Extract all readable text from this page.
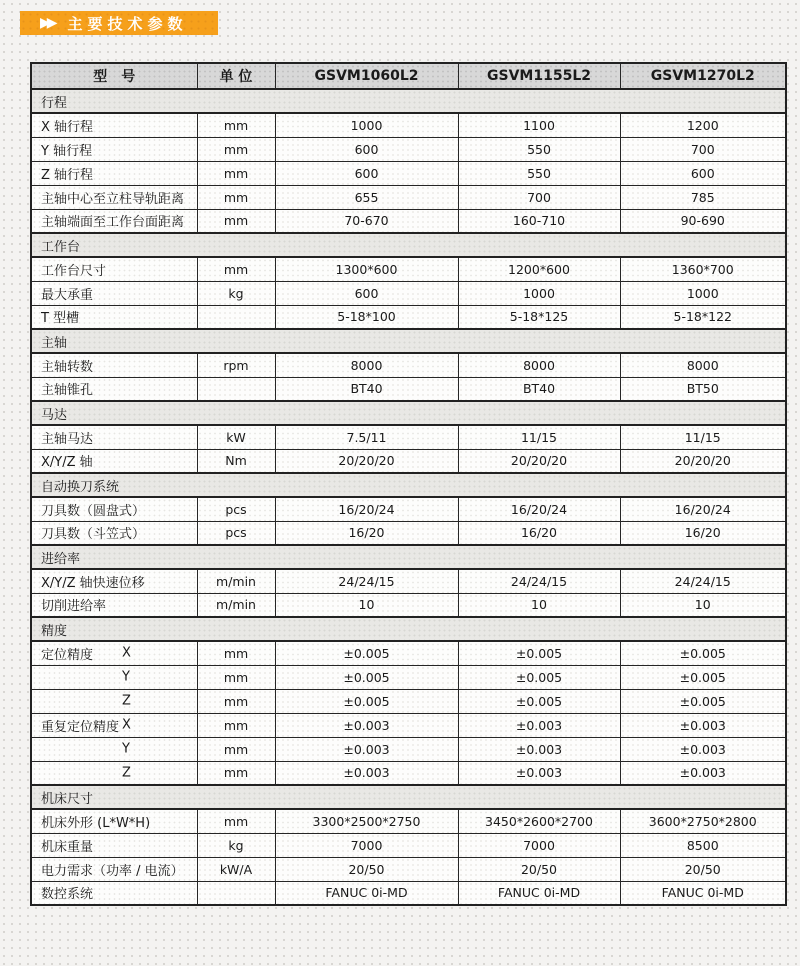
▶▶ 主要技术参数
型　号	单 位	GSVM1060L2	GSVM1155L2	GSVM1270L2
行程				
X 轴行程	mm	1000	1100	1200
Y 轴行程	mm	600	550	700
Z 轴行程	mm	600	550	600
主轴中心至立柱导轨距离	mm	655	700	785
主轴端面至工作台面距离	mm	70-670	160-710	90-690
工作台				
工作台尺寸	mm	1300*600	1200*600	1360*700
最大承重	kg	600	1000	1000
T 型槽		5-18*100	5-18*125	5-18*122
主轴				
主轴转数	rpm	8000	8000	8000
主轴锥孔		BT40	BT40	BT50
马达				
主轴马达	kW	7.5/11	11/15	11/15
X/Y/Z 轴	Nm	20/20/20	20/20/20	20/20/20
自动换刀系统				
刀具数（圆盘式）	pcs	16/20/24	16/20/24	16/20/24
刀具数（斗笠式）	pcs	16/20	16/20	16/20
进给率				
X/Y/Z 轴快速位移	m/min	24/24/15	24/24/15	24/24/15
切削进给率	m/min	10	10	10
精度				
定位精度 X	mm	±0.005	±0.005	±0.005

Y	mm	±0.005	±0.005	±0.005

Z	mm	±0.005	±0.005	±0.005
重复定位精度 X	mm	±0.003	±0.003	±0.003

Y	mm	±0.003	±0.003	±0.003

Z	mm	±0.003	±0.003	±0.003
机床尺寸				
机床外形 (L*W*H)	mm	3300*2500*2750	3450*2600*2700	3600*2750*2800
机床重量	kg	7000	7000	8500
电力需求（功率 / 电流）	kW/A	20/50	20/50	20/50
数控系统		FANUC 0i-MD	FANUC 0i-MD	FANUC 0i-MD
